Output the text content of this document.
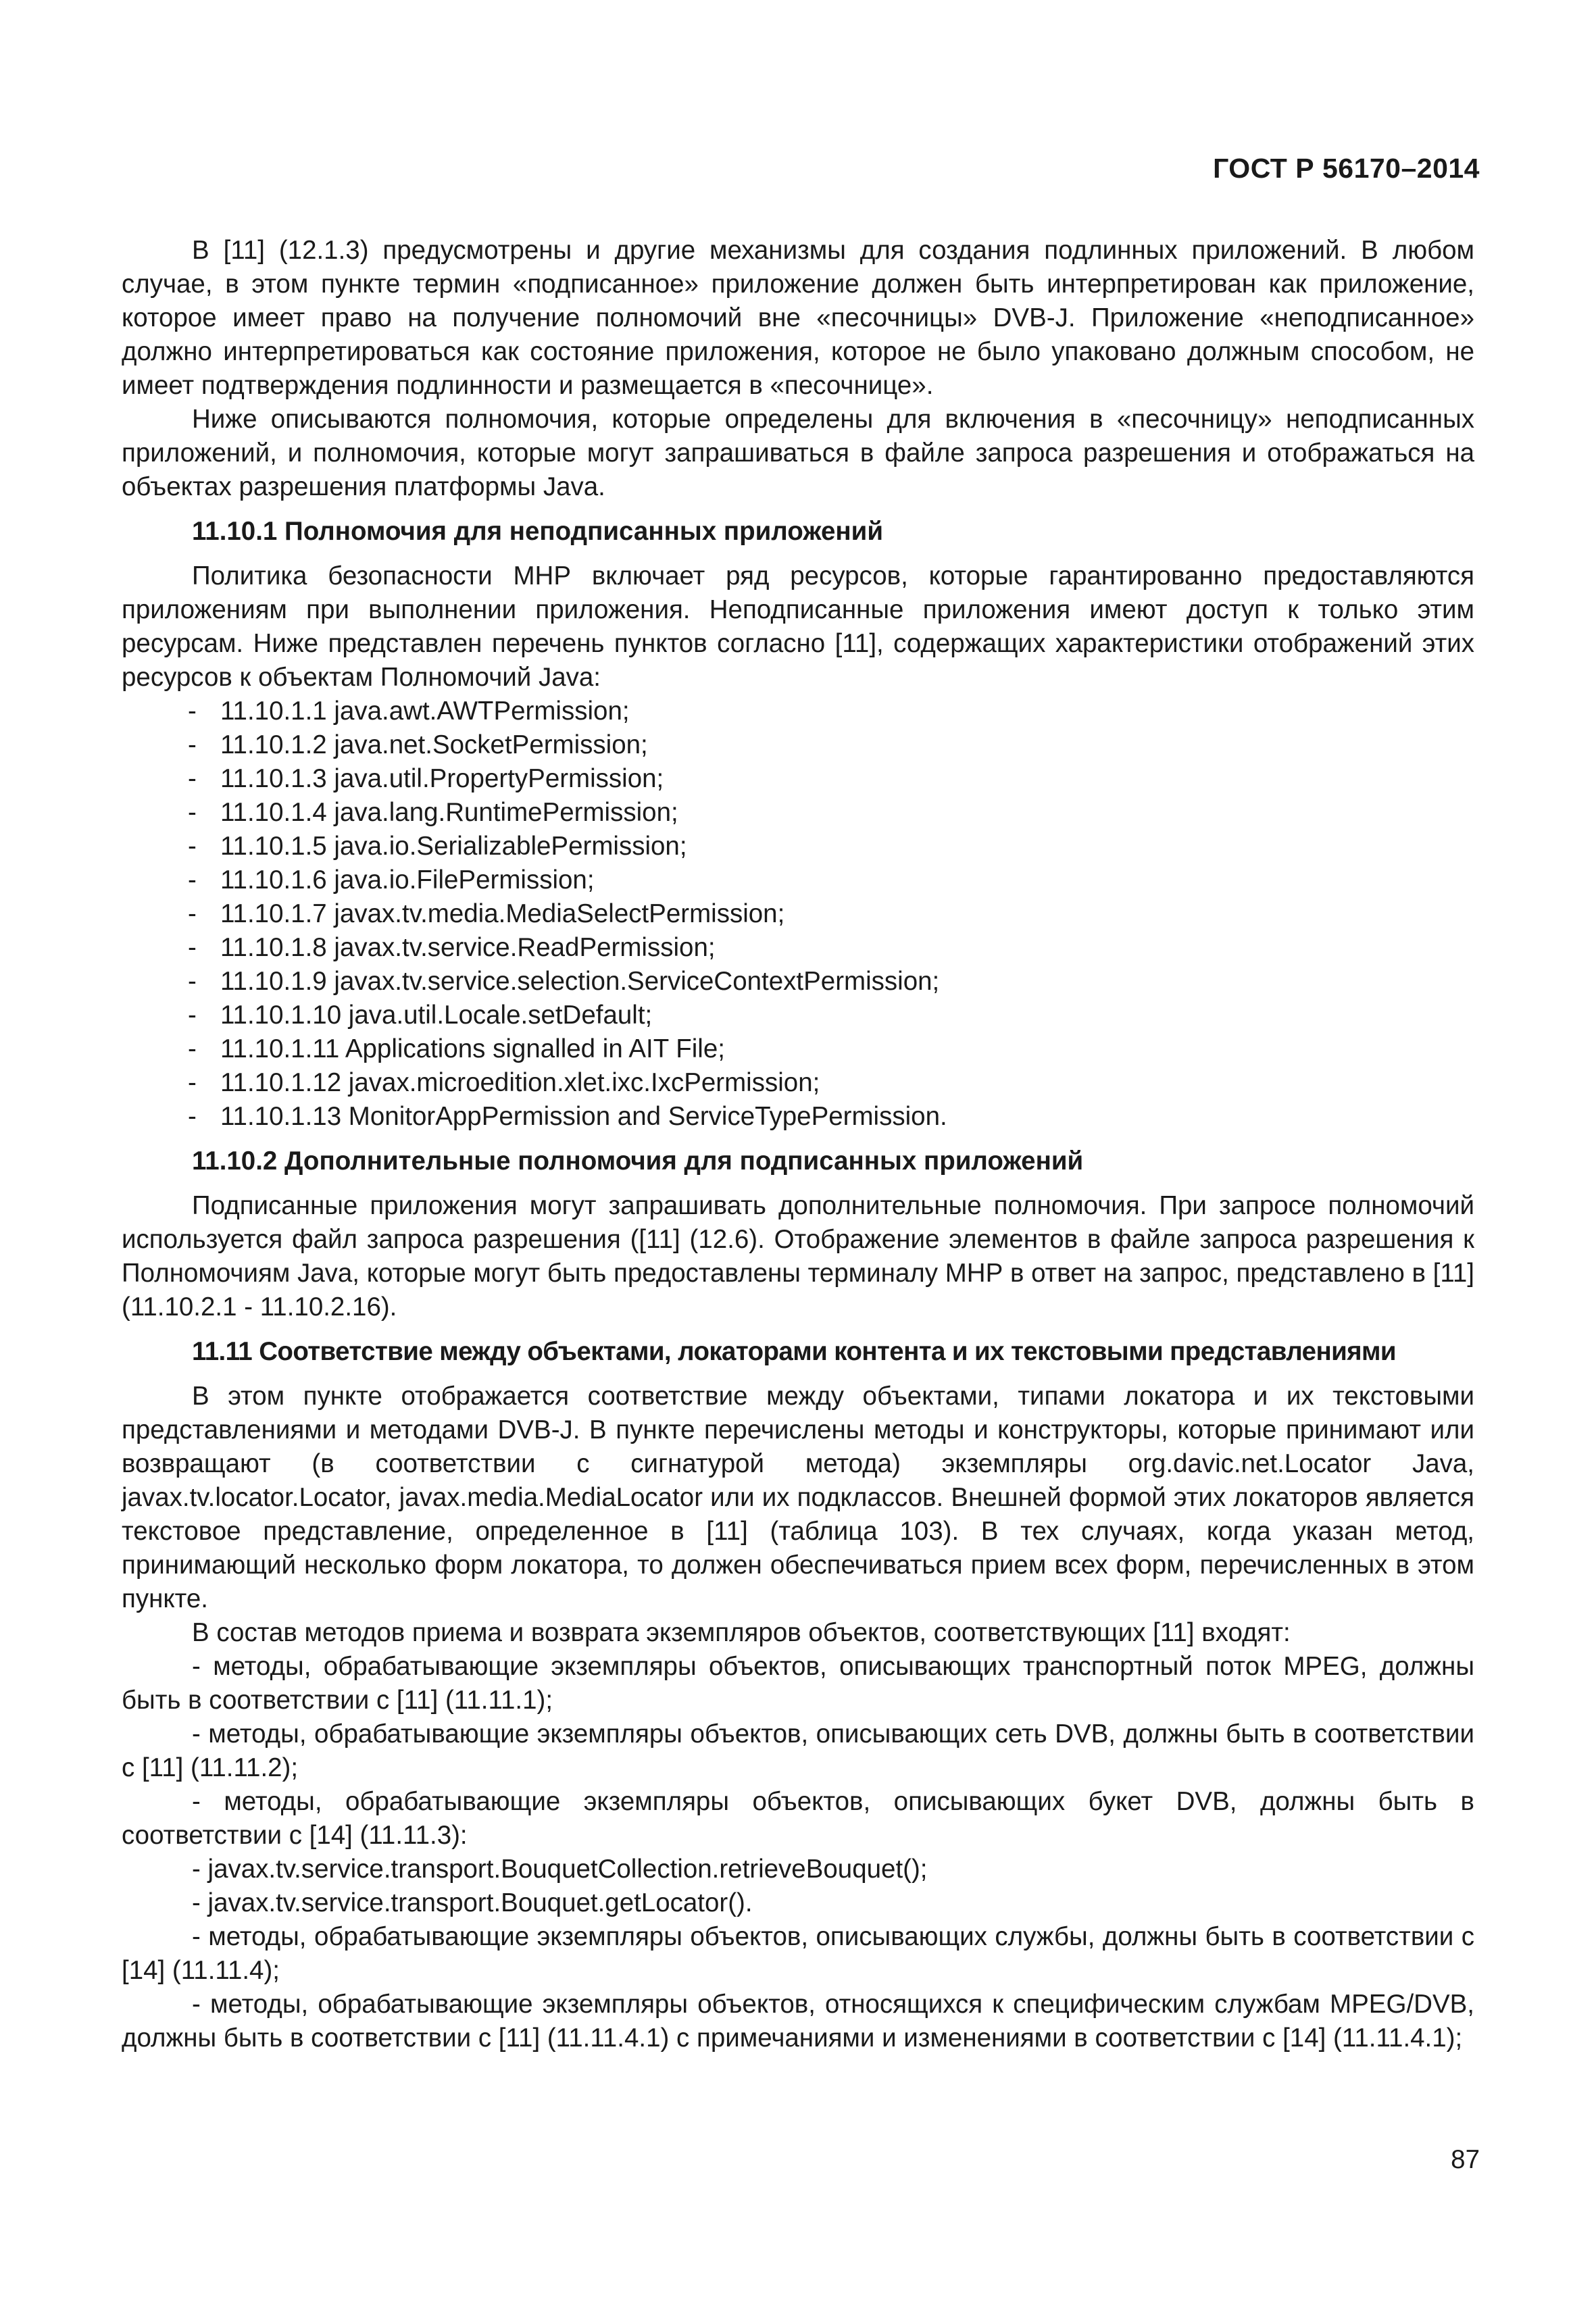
ГОСТ Р 56170–2014

В [11] (12.1.3) предусмотрены и другие механизмы для создания подлинных приложений. В любом случае, в этом пункте термин «подписанное» приложение должен быть интерпретирован как приложение, которое имеет право на получение полномочий вне «песочницы» DVB-J. Приложение «неподписанное» должно интерпретироваться как состояние приложения, которое не было упаковано должным способом, не имеет подтверждения подлинности и размещается в «песочнице».

Ниже описываются полномочия, которые определены для включения в «песочницу» неподписанных приложений, и полномочия, которые могут запрашиваться в файле запроса разрешения и отображаться на объектах разрешения платформы Java.

11.10.1 Полномочия для неподписанных приложений

Политика безопасности МНР включает ряд ресурсов, которые гарантированно предоставляются приложениям при выполнении приложения. Неподписанные приложения имеют доступ к только этим ресурсам. Ниже представлен перечень пунктов согласно [11], содержащих характеристики отображений этих ресурсов к объектам Полномочий Java:

- 11.10.1.1 java.awt.AWTPermission;
- 11.10.1.2 java.net.SocketPermission;
- 11.10.1.3 java.util.PropertyPermission;
- 11.10.1.4 java.lang.RuntimePermission;
- 11.10.1.5 java.io.SerializablePermission;
- 11.10.1.6 java.io.FilePermission;
- 11.10.1.7 javax.tv.media.MediaSelectPermission;
- 11.10.1.8 javax.tv.service.ReadPermission;
- 11.10.1.9 javax.tv.service.selection.ServiceContextPermission;
- 11.10.1.10 java.util.Locale.setDefault;
- 11.10.1.11 Applications signalled in AIT File;
- 11.10.1.12 javax.microedition.xlet.ixc.IxcPermission;
- 11.10.1.13 MonitorAppPermission and ServiceTypePermission.
11.10.2 Дополнительные полномочия для подписанных приложений

Подписанные приложения могут запрашивать дополнительные полномочия. При запросе полномочий используется файл запроса разрешения ([11] (12.6). Отображение элементов в файле запроса разрешения к Полномочиям Java, которые могут быть предоставлены терминалу МНР в ответ на запрос, представлено в [11] (11.10.2.1 - 11.10.2.16).

11.11 Соответствие между объектами, локаторами контента и их текстовыми представлениями

В этом пункте отображается соответствие между объектами, типами локатора и их текстовыми представлениями и методами DVB-J. В пункте перечислены методы и конструкторы, которые принимают или возвращают (в соответствии с сигнатурой метода) экземпляры org.davic.net.Locator Java, javax.tv.locator.Locator, javax.media.MediaLocator или их подклассов. Внешней формой этих локаторов является текстовое представление, определенное в [11] (таблица 103). В тех случаях, когда указан метод, принимающий несколько форм локатора, то должен обеспечиваться прием всех форм, перечисленных в этом пункте.

В состав методов приема и возврата экземпляров объектов, соответствующих [11] входят:

- методы, обрабатывающие экземпляры объектов, описывающих транспортный поток MPEG, должны быть в соответствии с [11] (11.11.1);

- методы, обрабатывающие экземпляры объектов, описывающих сеть DVB, должны быть в соответствии с [11] (11.11.2);

- методы, обрабатывающие экземпляры объектов, описывающих букет DVB, должны быть в соответствии с [14] (11.11.3):

- javax.tv.service.transport.BouquetCollection.retrieveBouquet();

- javax.tv.service.transport.Bouquet.getLocator().

- методы, обрабатывающие экземпляры объектов, описывающих службы, должны быть в соответствии с [14] (11.11.4);

- методы, обрабатывающие экземпляры объектов, относящихся к специфическим службам MPEG/DVB, должны быть в соответствии с [11] (11.11.4.1) с примечаниями и изменениями в соответствии с [14] (11.11.4.1);

87
